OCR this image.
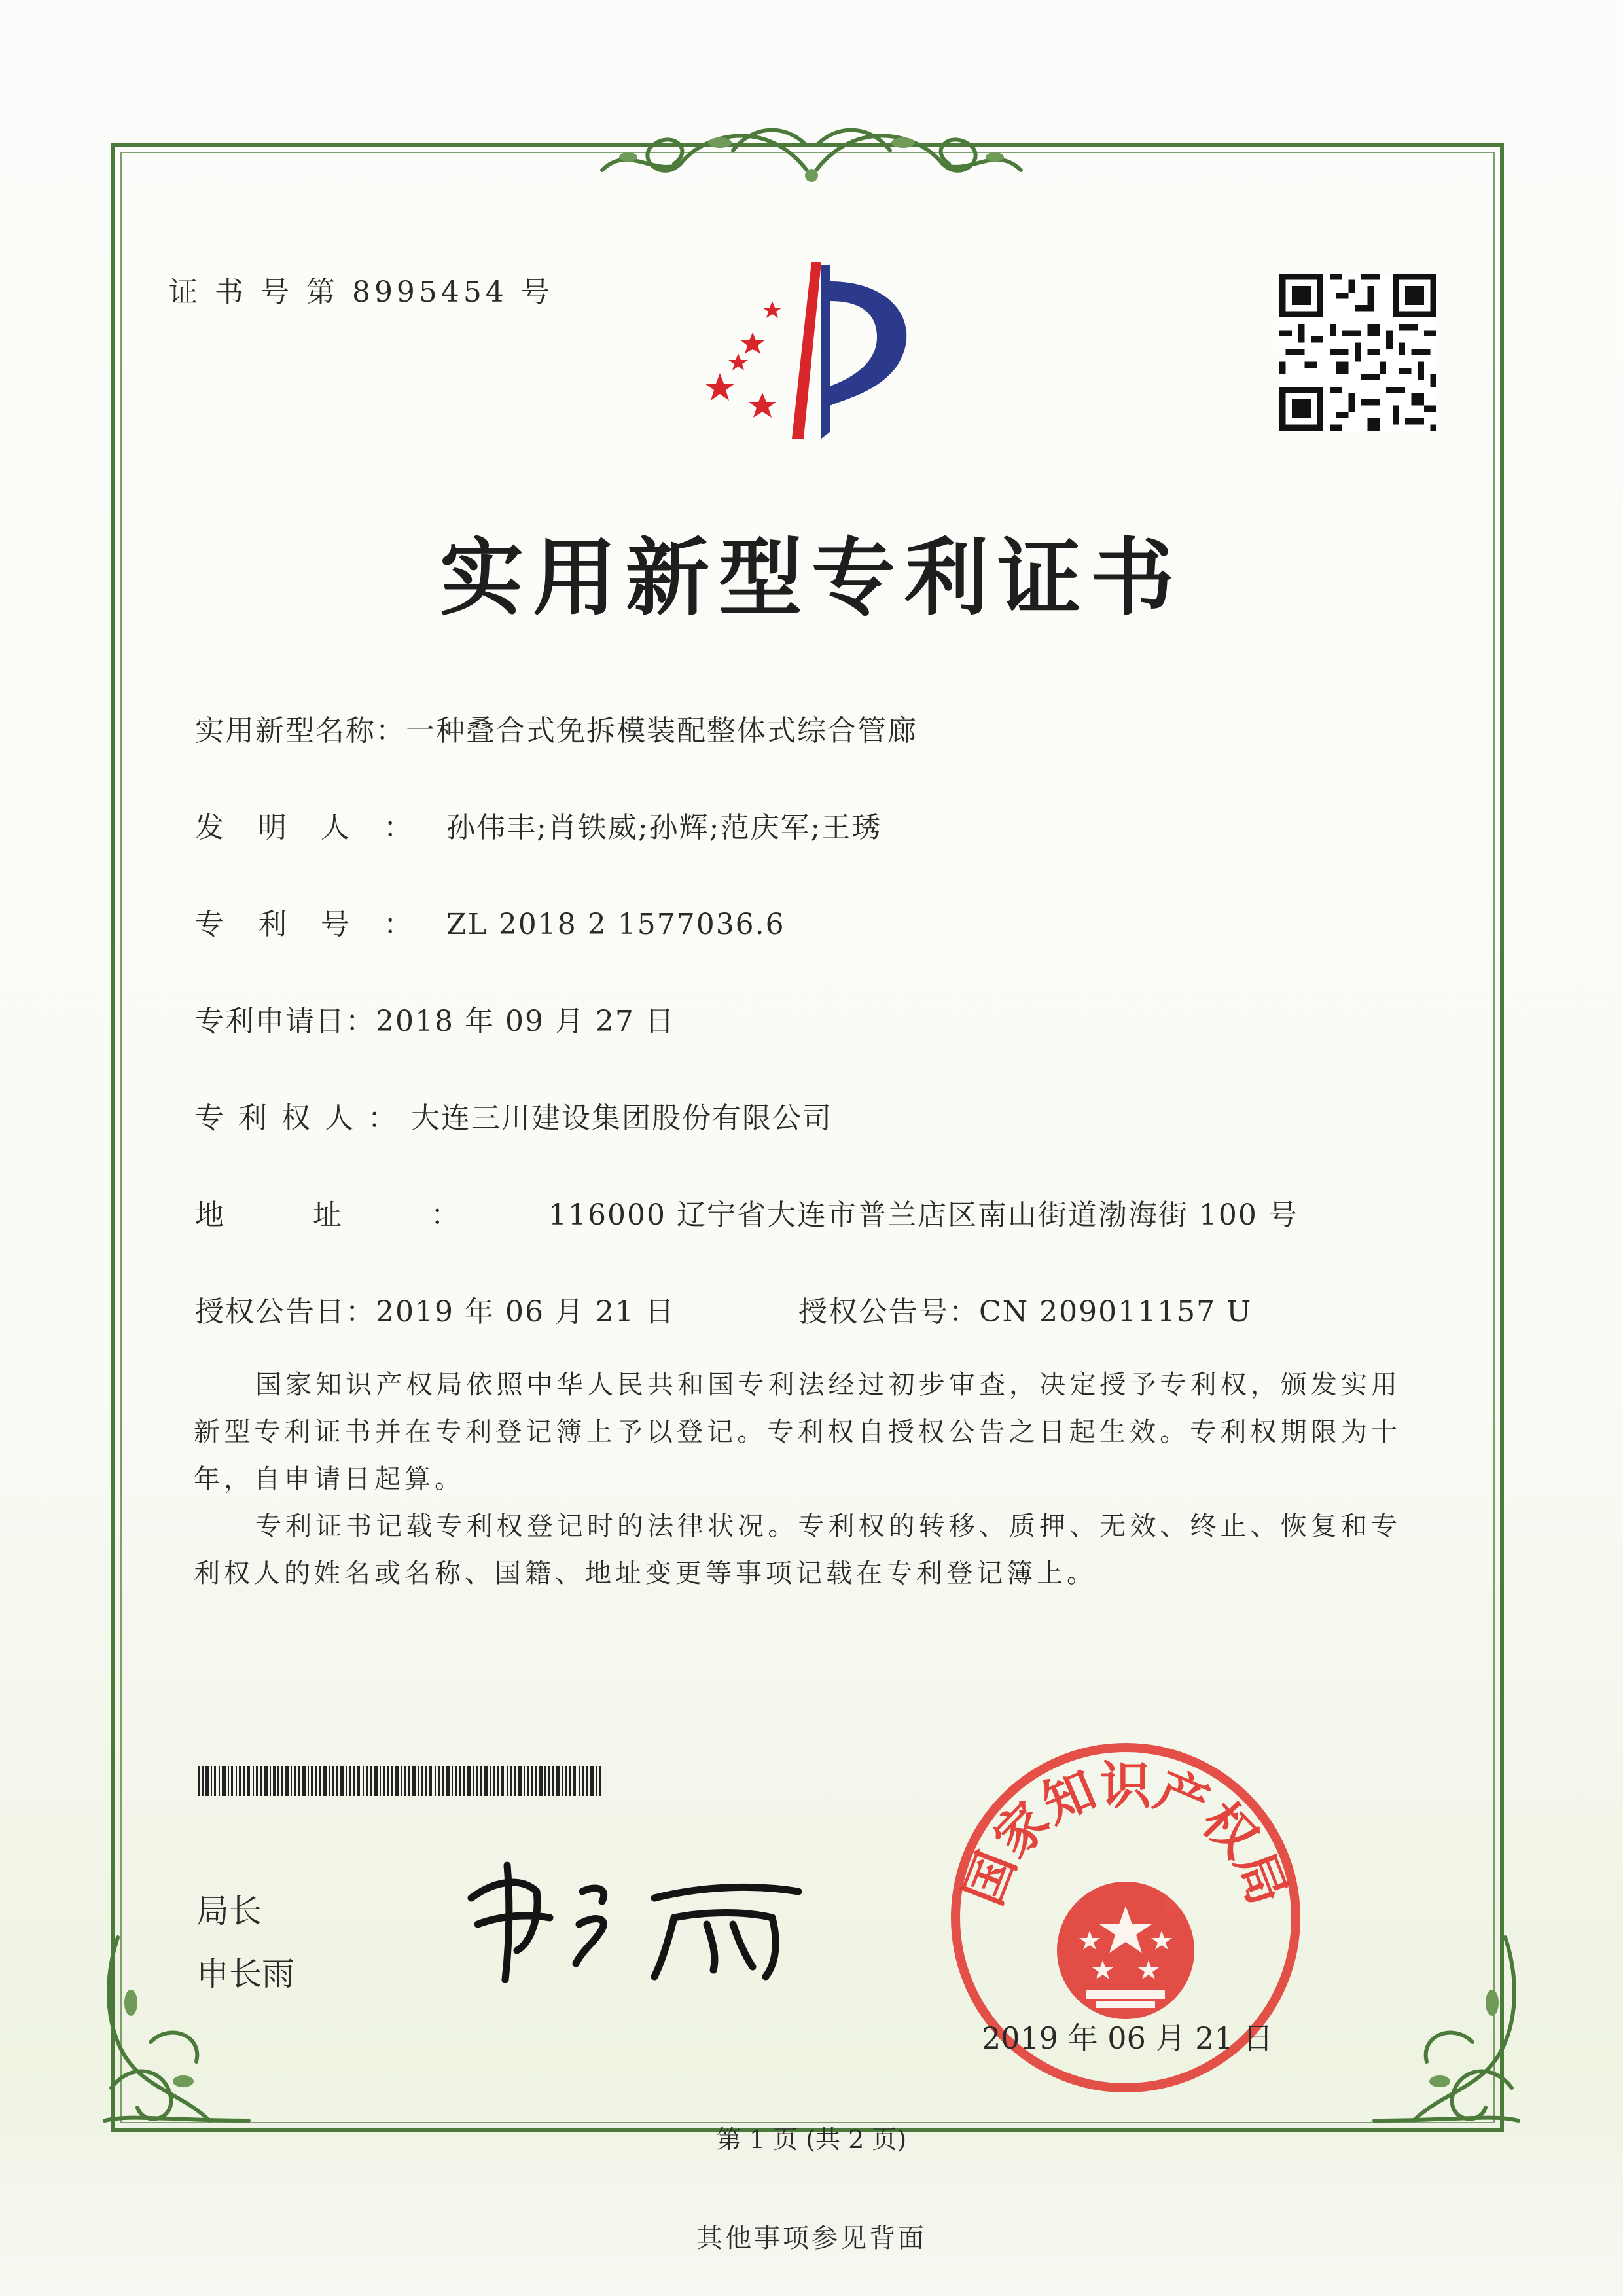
证 书 号 第 8995454 号
实用新型专利证书
实用新型名称：一种叠合式免拆模装配整体式综合管廊
发明人：孙伟丰;肖铁威;孙辉;范庆军;王琇
专利号：ZL 2018 2 1577036.6
专利申请日：2018 年 09 月 27 日
专利权人：大连三川建设集团股份有限公司
地址：116000 辽宁省大连市普兰店区南山街道渤海街 100 号
授权公告日：2019 年 06 月 21 日	授权公告号：CN 209011157 U
国家知识产权局依照中华人民共和国专利法经过初步审查，决定授予专利权，颁发实用新型专利证书并在专利登记簿上予以登记。专利权自授权公告之日起生效。专利权期限为十年，自申请日起算。
专利证书记载专利权登记时的法律状况。专利权的转移、质押、无效、终止、恢复和专利权人的姓名或名称、国籍、地址变更等事项记载在专利登记簿上。
局长
申长雨
国家知识产权局
2019 年 06 月 21 日
第 1 页 (共 2 页)
其他事项参见背面
